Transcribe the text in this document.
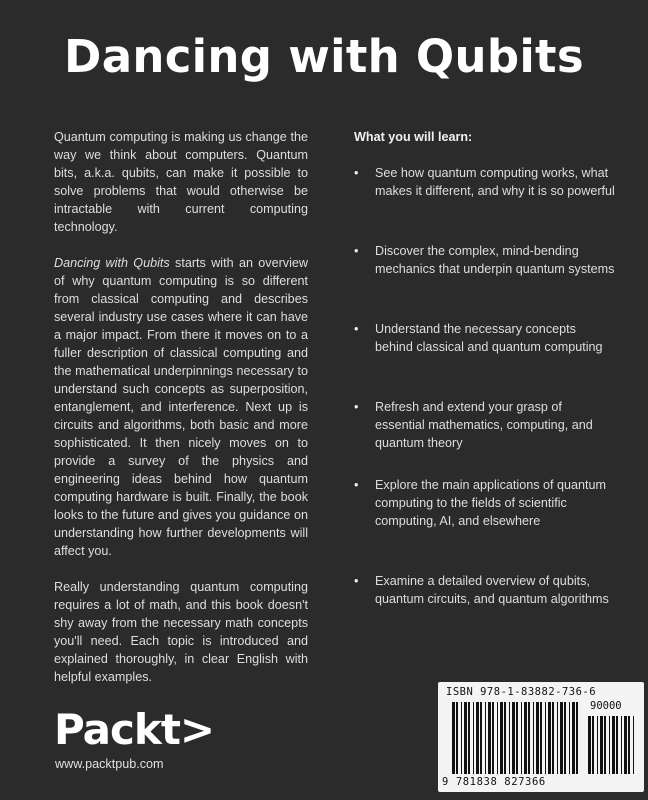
Dancing with Qubits

Quantum computing is making us change the way we think about computers. Quantum bits, a.k.a. qubits, can make it possible to solve problems that would otherwise be intractable with current computing technology.

Dancing with Qubits starts with an overview of why quantum computing is so different from classical computing and describes several industry use cases where it can have a major impact. From there it moves on to a fuller description of classical computing and the mathematical underpinnings necessary to understand such concepts as superposition, entanglement, and interference. Next up is circuits and algorithms, both basic and more sophisticated. It then nicely moves on to provide a survey of the physics and engineering ideas behind how quantum computing hardware is built. Finally, the book looks to the future and gives you guidance on understanding how further developments will affect you.

Really understanding quantum computing requires a lot of math, and this book doesn't shy away from the necessary math concepts you'll need. Each topic is introduced and explained thoroughly, in clear English with helpful examples.

What you will learn:

• See how quantum computing works, what makes it different, and why it is so powerful

• Discover the complex, mind-bending mechanics that underpin quantum systems

• Understand the necessary concepts behind classical and quantum computing

• Refresh and extend your grasp of essential mathematics, computing, and quantum theory

• Explore the main applications of quantum computing to the fields of scientific computing, AI, and elsewhere

• Examine a detailed overview of qubits, quantum circuits, and quantum algorithms

Packt>
www.packtpub.com
ISBN 978-1-83882-736-6
90000
9 781838 827366
